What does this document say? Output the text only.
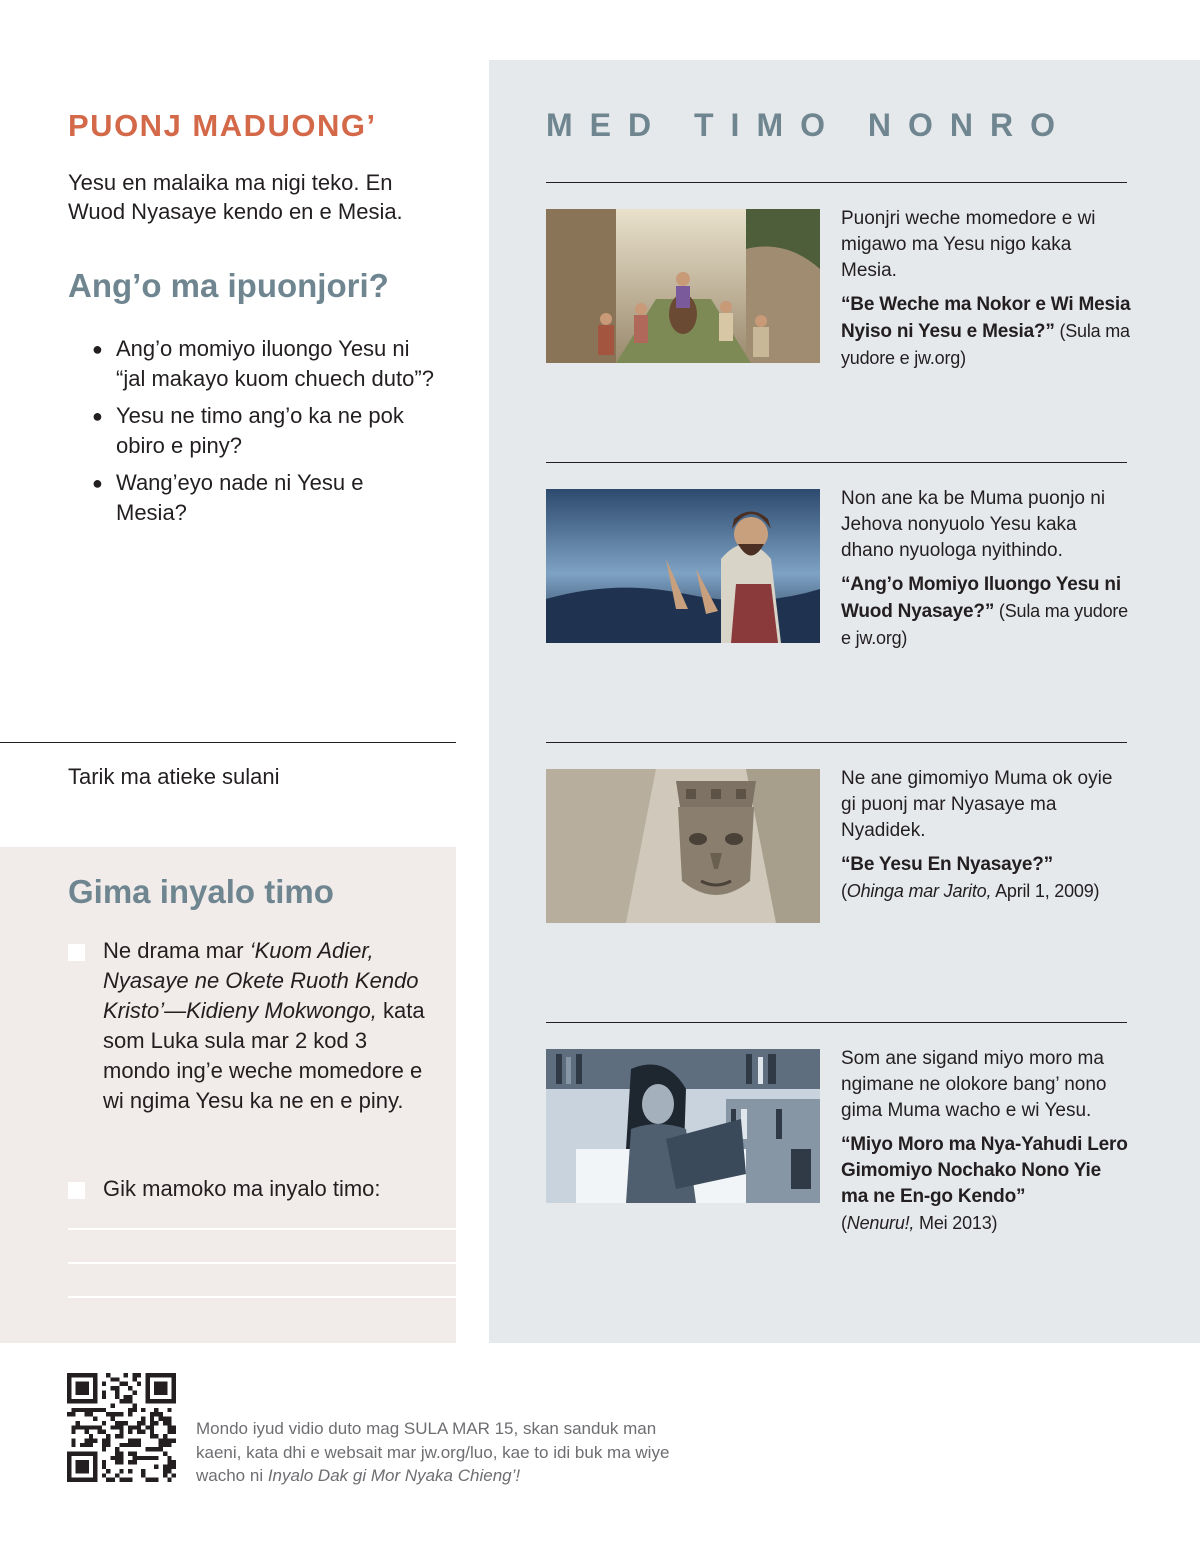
PUONJ MADUONG’

Yesu en malaika ma nigi teko. En Wuod Nyasaye kendo en e Mesia.

Ang’o ma ipuonjori?
● Ang’o momiyo iluongo Yesu ni “jal makayo kuom chuech duto”?
● Yesu ne timo ang’o ka ne pok obiro e piny?
● Wang’eyo nade ni Yesu e Mesia?
Tarik ma atieke sulani
Gima inyalo timo
Ne drama mar ‘Kuom Adier, Nyasaye ne Okete Ruoth Kendo Kristo’—Kidieny Mokwongo, kata som Luka sula mar 2 kod 3 mondo ing’e weche momedore e wi ngima Yesu ka ne en e piny.
Gik mamoko ma inyalo timo:
MED TIMO NONRO

Puonjri weche momedore e wi migawo ma Yesu nigo kaka Mesia.

“Be Weche ma Nokor e Wi Mesia Nyiso ni Yesu e Mesia?” (Sula ma yudore e jw.org)

Non ane ka be Muma puonjo ni Jehova nonyuolo Yesu kaka dhano nyuologa nyithindo.

“Ang’o Momiyo Iluongo Yesu ni Wuod Nyasaye?” (Sula ma yudore e jw.org)

Ne ane gimomiyo Muma ok oyie gi puonj mar Nyasaye ma Nyadidek.

“Be Yesu En Nyasaye?”
(Ohinga mar Jarito, April 1, 2009)

Som ane sigand miyo moro ma ngimane ne olokore bang’ nono gima Muma wacho e wi Yesu.

“Miyo Moro ma Nya-Yahudi Lero Gimomiyo Nochako Nono Yie ma ne En-go Kendo”
(Nenuru!, Mei 2013)

Mondo iyud vidio duto mag SULA MAR 15, skan sanduk man kaeni, kata dhi e websait mar jw.org/luo, kae to idi buk ma wiye wacho ni Inyalo Dak gi Mor Nyaka Chieng’!
